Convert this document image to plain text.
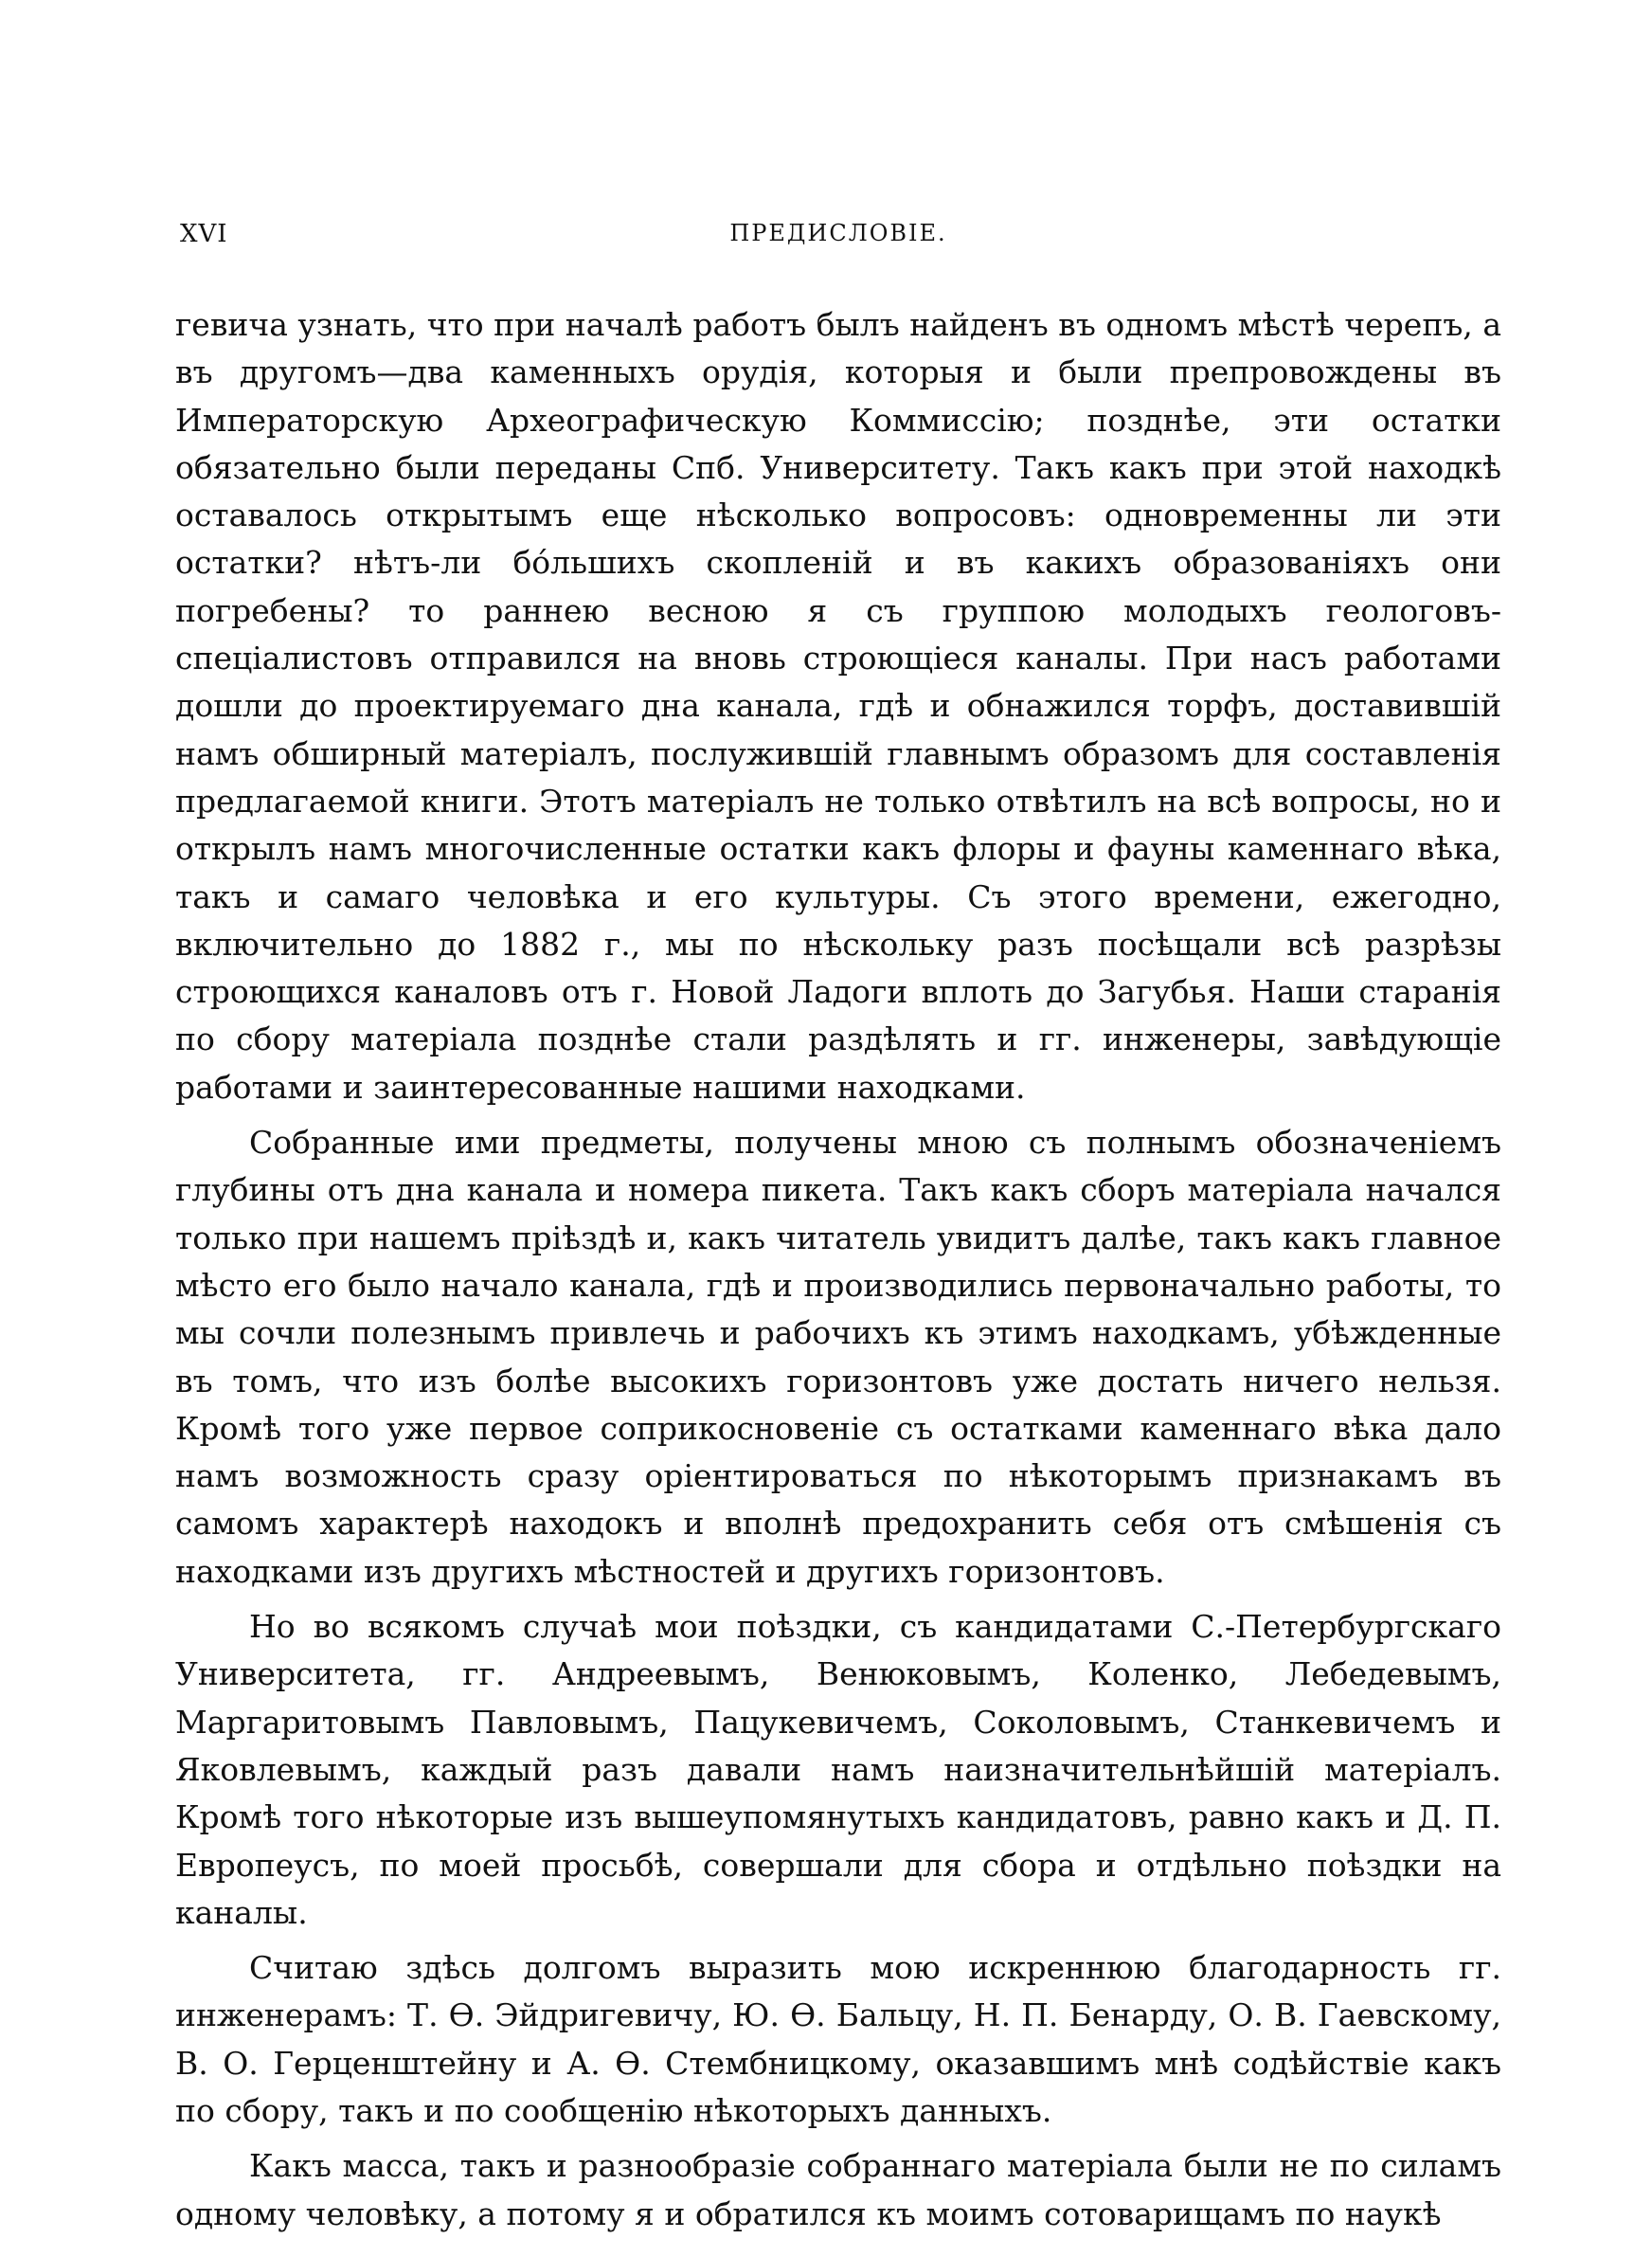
XVI	ПРЕДИСЛОВІЕ.

гевича узнать, что при началѣ работъ былъ найденъ въ одномъ мѣстѣ черепъ, а въ другомъ—два каменныхъ орудія, которыя и были препровождены въ Императорскую Археографическую Коммиссію; позднѣе, эти остатки обязательно были переданы Спб. Университету. Такъ какъ при этой находкѣ оставалось открытымъ еще нѣсколько вопросовъ: одновременны ли эти остатки? нѣтъ-ли бо́льшихъ скопленій и въ какихъ образованіяхъ они погребены? то раннею весною я съ группою молодыхъ геологовъ-спеціалистовъ отправился на вновь строющіеся каналы. При насъ работами дошли до проектируемаго дна канала, гдѣ и обнажился торфъ, доставившій намъ обширный матеріалъ, послужившій главнымъ образомъ для составленія предлагаемой книги. Этотъ матеріалъ не только отвѣтилъ на всѣ вопросы, но и открылъ намъ многочисленные остатки какъ флоры и фауны каменнаго вѣка, такъ и самаго человѣка и его культуры. Съ этого времени, ежегодно, включительно до 1882 г., мы по нѣскольку разъ посѣщали всѣ разрѣзы строющихся каналовъ отъ г. Новой Ладоги вплоть до Загубья. Наши старанія по сбору матеріала позднѣе стали раздѣлять и гг. инженеры, завѣдующіе работами и заинтересованные нашими находками.

Собранные ими предметы, получены мною съ полнымъ обозначеніемъ глубины отъ дна канала и номера пикета. Такъ какъ сборъ матеріала начался только при нашемъ пріѣздѣ и, какъ читатель увидитъ далѣе, такъ какъ главное мѣсто его было начало канала, гдѣ и производились первоначально работы, то мы сочли полезнымъ привлечь и рабочихъ къ этимъ находкамъ, убѣжденные въ томъ, что изъ болѣе высокихъ горизонтовъ уже достать ничего нельзя. Кромѣ того уже первое соприкосновеніе съ остатками каменнаго вѣка дало намъ возможность сразу оріентироваться по нѣкоторымъ признакамъ въ самомъ характерѣ находокъ и вполнѣ предохранить себя отъ смѣшенія съ находками изъ другихъ мѣстностей и другихъ горизонтовъ.

Но во всякомъ случаѣ мои поѣздки, съ кандидатами С.-Петербургскаго Университета, гг. Андреевымъ, Венюковымъ, Коленко, Лебедевымъ, Маргаритовымъ Павловымъ, Пацукевичемъ, Соколовымъ, Станкевичемъ и Яковлевымъ, каждый разъ давали намъ наизначительнѣйшій матеріалъ. Кромѣ того нѣкоторые изъ вышеупомянутыхъ кандидатовъ, равно какъ и Д. П. Европеусъ, по моей просьбѣ, совершали для сбора и отдѣльно поѣздки на каналы.

Считаю здѣсь долгомъ выразить мою искреннюю благодарность гг. инженерамъ: Т. Ѳ. Эйдригевичу, Ю. Ѳ. Бальцу, Н. П. Бенарду, О. В. Гаевскому, В. О. Герценштейну и А. Ѳ. Стембницкому, оказавшимъ мнѣ содѣйствіе какъ по сбору, такъ и по сообщенію нѣкоторыхъ данныхъ.

Какъ масса, такъ и разнообразіе собраннаго матеріала были не по силамъ одному человѣку, а потому я и обратился къ моимъ сотоварищамъ по наукѣ
